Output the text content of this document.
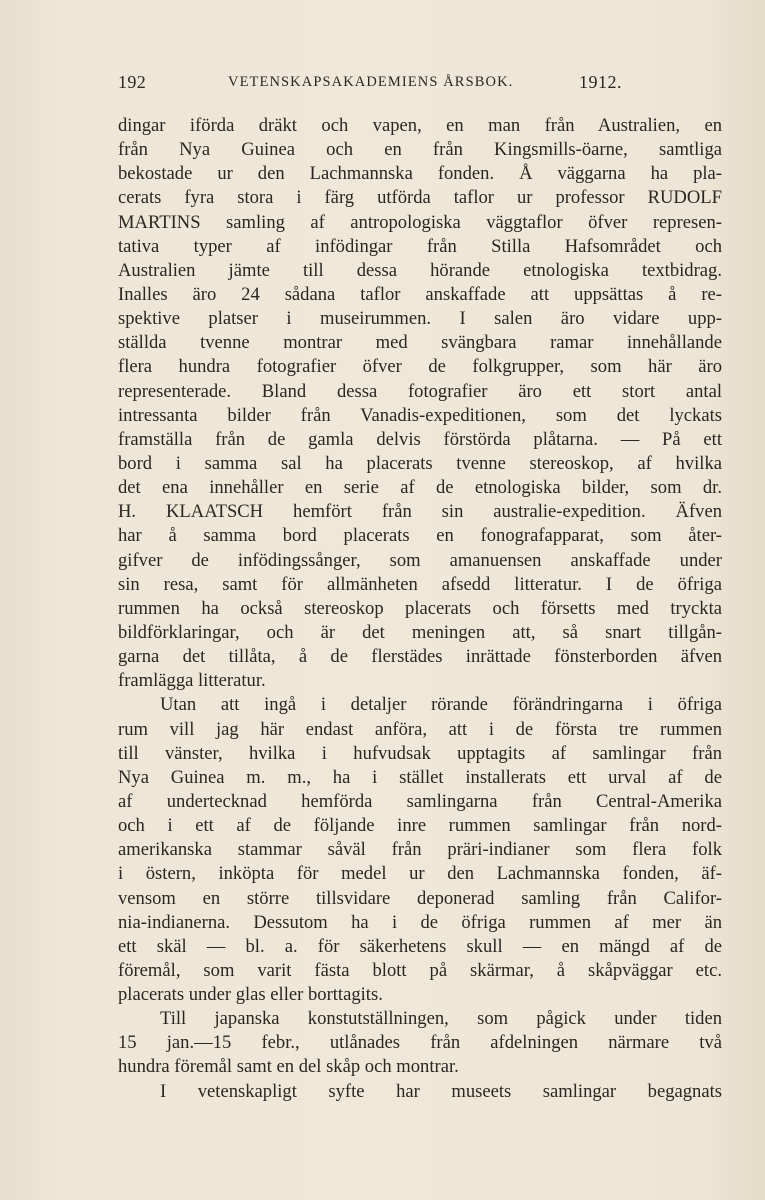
192	VETENSKAPSAKADEMIENS ÅRSBOK.	1912.
dingar iförda dräkt och vapen, en man från Australien, en
från Nya Guinea och en från Kingsmills-öarne, samtliga
bekostade ur den Lachmannska fonden. Å väggarna ha pla-
cerats fyra stora i färg utförda taflor ur professor RUDOLF
MARTINS samling af antropologiska väggtaflor öfver represen-
tativa typer af infödingar från Stilla Hafsområdet och
Australien jämte till dessa hörande etnologiska textbidrag.
Inalles äro 24 sådana taflor anskaffade att uppsättas å re-
spektive platser i museirummen. I salen äro vidare upp-
ställda tvenne montrar med svängbara ramar innehållande
flera hundra fotografier öfver de folkgrupper, som här äro
representerade. Bland dessa fotografier äro ett stort antal
intressanta bilder från Vanadis-expeditionen, som det lyckats
framställa från de gamla delvis förstörda plåtarna. — På ett
bord i samma sal ha placerats tvenne stereoskop, af hvilka
det ena innehåller en serie af de etnologiska bilder, som dr.
H. KLAATSCH hemfört från sin australie-expedition. Äfven
har å samma bord placerats en fonografapparat, som åter-
gifver de infödingssånger, som amanuensen anskaffade under
sin resa, samt för allmänheten afsedd litteratur. I de öfriga
rummen ha också stereoskop placerats och försetts med tryckta
bildförklaringar, och är det meningen att, så snart tillgån-
garna det tillåta, å de flerstädes inrättade fönsterborden äfven
framlägga litteratur.
Utan att ingå i detaljer rörande förändringarna i öfriga
rum vill jag här endast anföra, att i de första tre rummen
till vänster, hvilka i hufvudsak upptagits af samlingar från
Nya Guinea m. m., ha i stället installerats ett urval af de
af undertecknad hemförda samlingarna från Central-Amerika
och i ett af de följande inre rummen samlingar från nord-
amerikanska stammar såväl från präri-indianer som flera folk
i östern, inköpta för medel ur den Lachmannska fonden, äf-
vensom en större tillsvidare deponerad samling från Califor-
nia-indianerna. Dessutom ha i de öfriga rummen af mer än
ett skäl — bl. a. för säkerhetens skull — en mängd af de
föremål, som varit fästa blott på skärmar, å skåpväggar etc.
placerats under glas eller borttagits.
Till japanska konstutställningen, som pågick under tiden
15 jan.—15 febr., utlånades från afdelningen närmare två
hundra föremål samt en del skåp och montrar.
I vetenskapligt syfte har museets samlingar begagnats
